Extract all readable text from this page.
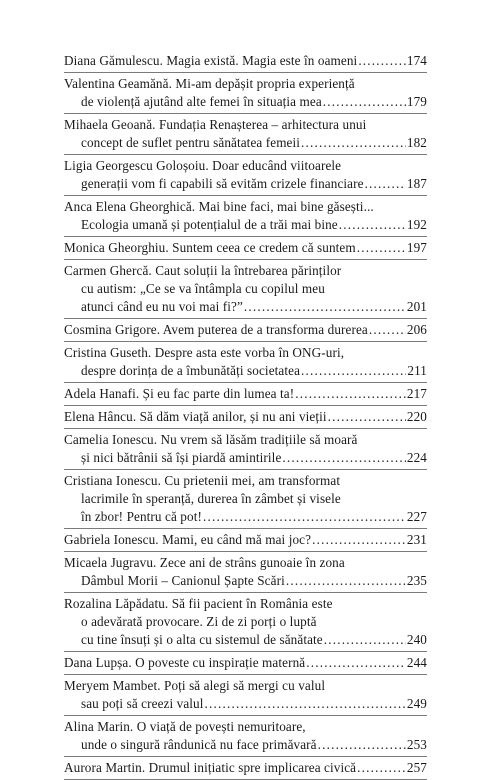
Diana Gămulescu. Magia există. Magia este în oameni .....	174
Valentina Geamănă. Mi-am depășit propria experiență
de violență ajutând alte femei în situația mea .....	179
Mihaela Geoană. Fundația Renașterea – arhitectura unui
concept de suflet pentru sănătatea femeii .....	182
Ligia Georgescu Goloșoiu. Doar educând viitoarele
generații vom fi capabili să evităm crizele financiare .....	187
Anca Elena Gheorghică. Mai bine faci, mai bine găsești...
Ecologia umană și potențialul de a trăi mai bine .....	192
Monica Gheorghiu. Suntem ceea ce credem că suntem .....	197
Carmen Ghercă. Caut soluții la întrebarea părinților
cu autism: „Ce se va întâmpla cu copilul meu
atunci când eu nu voi mai fi?” .....	201
Cosmina Grigore. Avem puterea de a transforma durerea .....	206
Cristina Guseth. Despre asta este vorba în ONG-uri,
despre dorința de a îmbunătăți societatea .....	211
Adela Hanafi. Și eu fac parte din lumea ta! .....	217
Elena Hâncu. Să dăm viață anilor, și nu ani vieții .....	220
Camelia Ionescu. Nu vrem să lăsăm tradițiile să moară
și nici bătrânii să își piardă amintirile .....	224
Cristiana Ionescu. Cu prietenii mei, am transformat
lacrimile în speranță, durerea în zâmbet și visele
în zbor! Pentru că pot! .....	227
Gabriela Ionescu. Mami, eu când mă mai joc? .....	231
Micaela Jugravu. Zece ani de strâns gunoaie în zona
Dâmbul Morii – Canionul Șapte Scări .....	235
Rozalina Lăpădatu. Să fii pacient în România este
o adevărată provocare. Zi de zi porți o luptă
cu tine însuți și o alta cu sistemul de sănătate .....	240
Dana Lupșa. O poveste cu inspirație maternă .....	244
Meryem Mambet. Poți să alegi să mergi cu valul
sau poți să creezi valul .....	249
Alina Marin. O viață de povești nemuritoare,
unde o singură rândunică nu face primăvară .....	253
Aurora Martin. Drumul inițiatic spre implicarea civică .....	257
